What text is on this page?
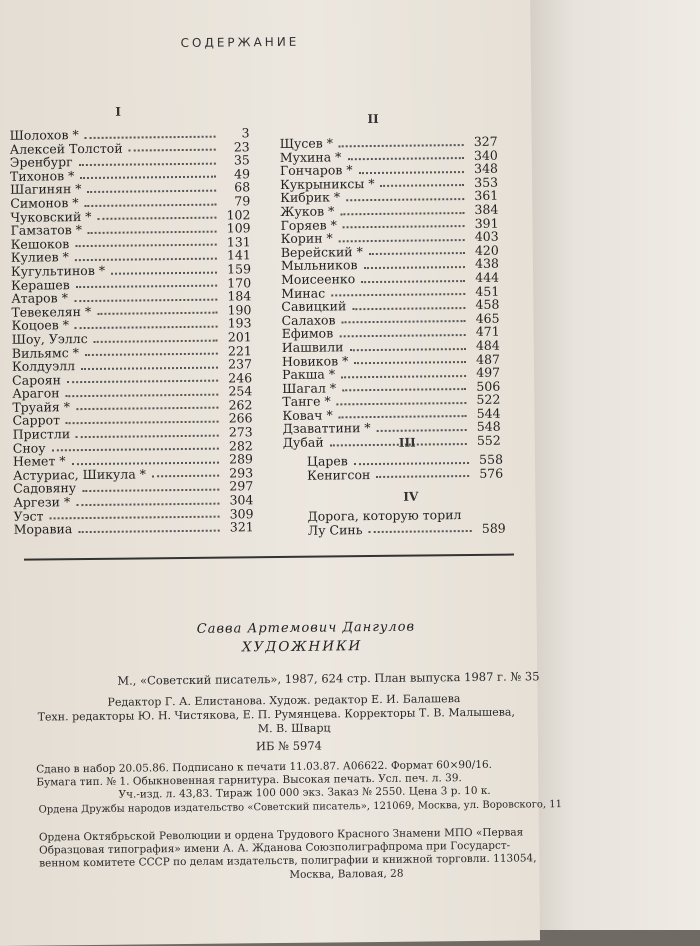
СОДЕРЖАНИЕ
I
II
Шолохов *	3
Алексей Толстой	23
Эренбург	35
Тихонов *	49
Шагинян *	68
Симонов *	79
Чуковский *	102
Гамзатов *	109
Кешоков	131
Кулиев *	141
Кугультинов *	159
Керашев	170
Атаров *	184
Тевекелян *	190
Коцоев *	193
Шоу, Уэллс	201
Вильямс *	221
Колдуэлл	237
Сароян	246
Арагон	254
Труайя *	262
Саррот	266
Пристли	273
Сноу	282
Немет *	289
Астуриас, Шикула *	293
Садовяну	297
Аргези *	304
Уэст	309
Моравиа	321
Щусев *	327
Мухина *	340
Гончаров *	348
Кукрыниксы *	353
Кибрик *	361
Жуков *	384
Горяев *	391
Корин *	403
Верейский *	420
Мыльников	438
Моисеенко	444
Минас	451
Савицкий	458
Салахов	465
Ефимов	471
Иашвили	484
Новиков *	487
Ракша *	497
Шагал *	506
Танге *	522
Ковач *	544
Дзаваттини *	548
Дубай	552
III
Царев	558
Кенигсон	576
IV
Дорога, которую торил
Лу Синь	589
Савва Артемович Дангулов
ХУДОЖНИКИ
М., «Советский писатель», 1987, 624 стр. План выпуска 1987 г. № 35
Редактор Г. А. Елистанова. Худож. редактор Е. И. Балашева
Техн. редакторы Ю. Н. Чистякова, Е. П. Румянцева. Корректоры Т. В. Малышева,
М. В. Шварц
ИБ № 5974
Сдано в набор 20.05.86. Подписано к печати 11.03.87. А06622. Формат 60×90/16.
Бумага тип. № 1. Обыкновенная гарнитура. Высокая печать. Усл. печ. л. 39.
Уч.-изд. л. 43,83. Тираж 100 000 экз. Заказ № 2550. Цена 3 р. 10 к.
Ордена Дружбы народов издательство «Советский писатель», 121069, Москва, ул. Воровского, 11
Ордена Октябрьской Революции и ордена Трудового Красного Знамени МПО «Первая
Образцовая типография» имени А. А. Жданова Союзполиграфпрома при Государст-
венном комитете СССР по делам издательств, полиграфии и книжной торговли. 113054,
Москва, Валовая, 28
